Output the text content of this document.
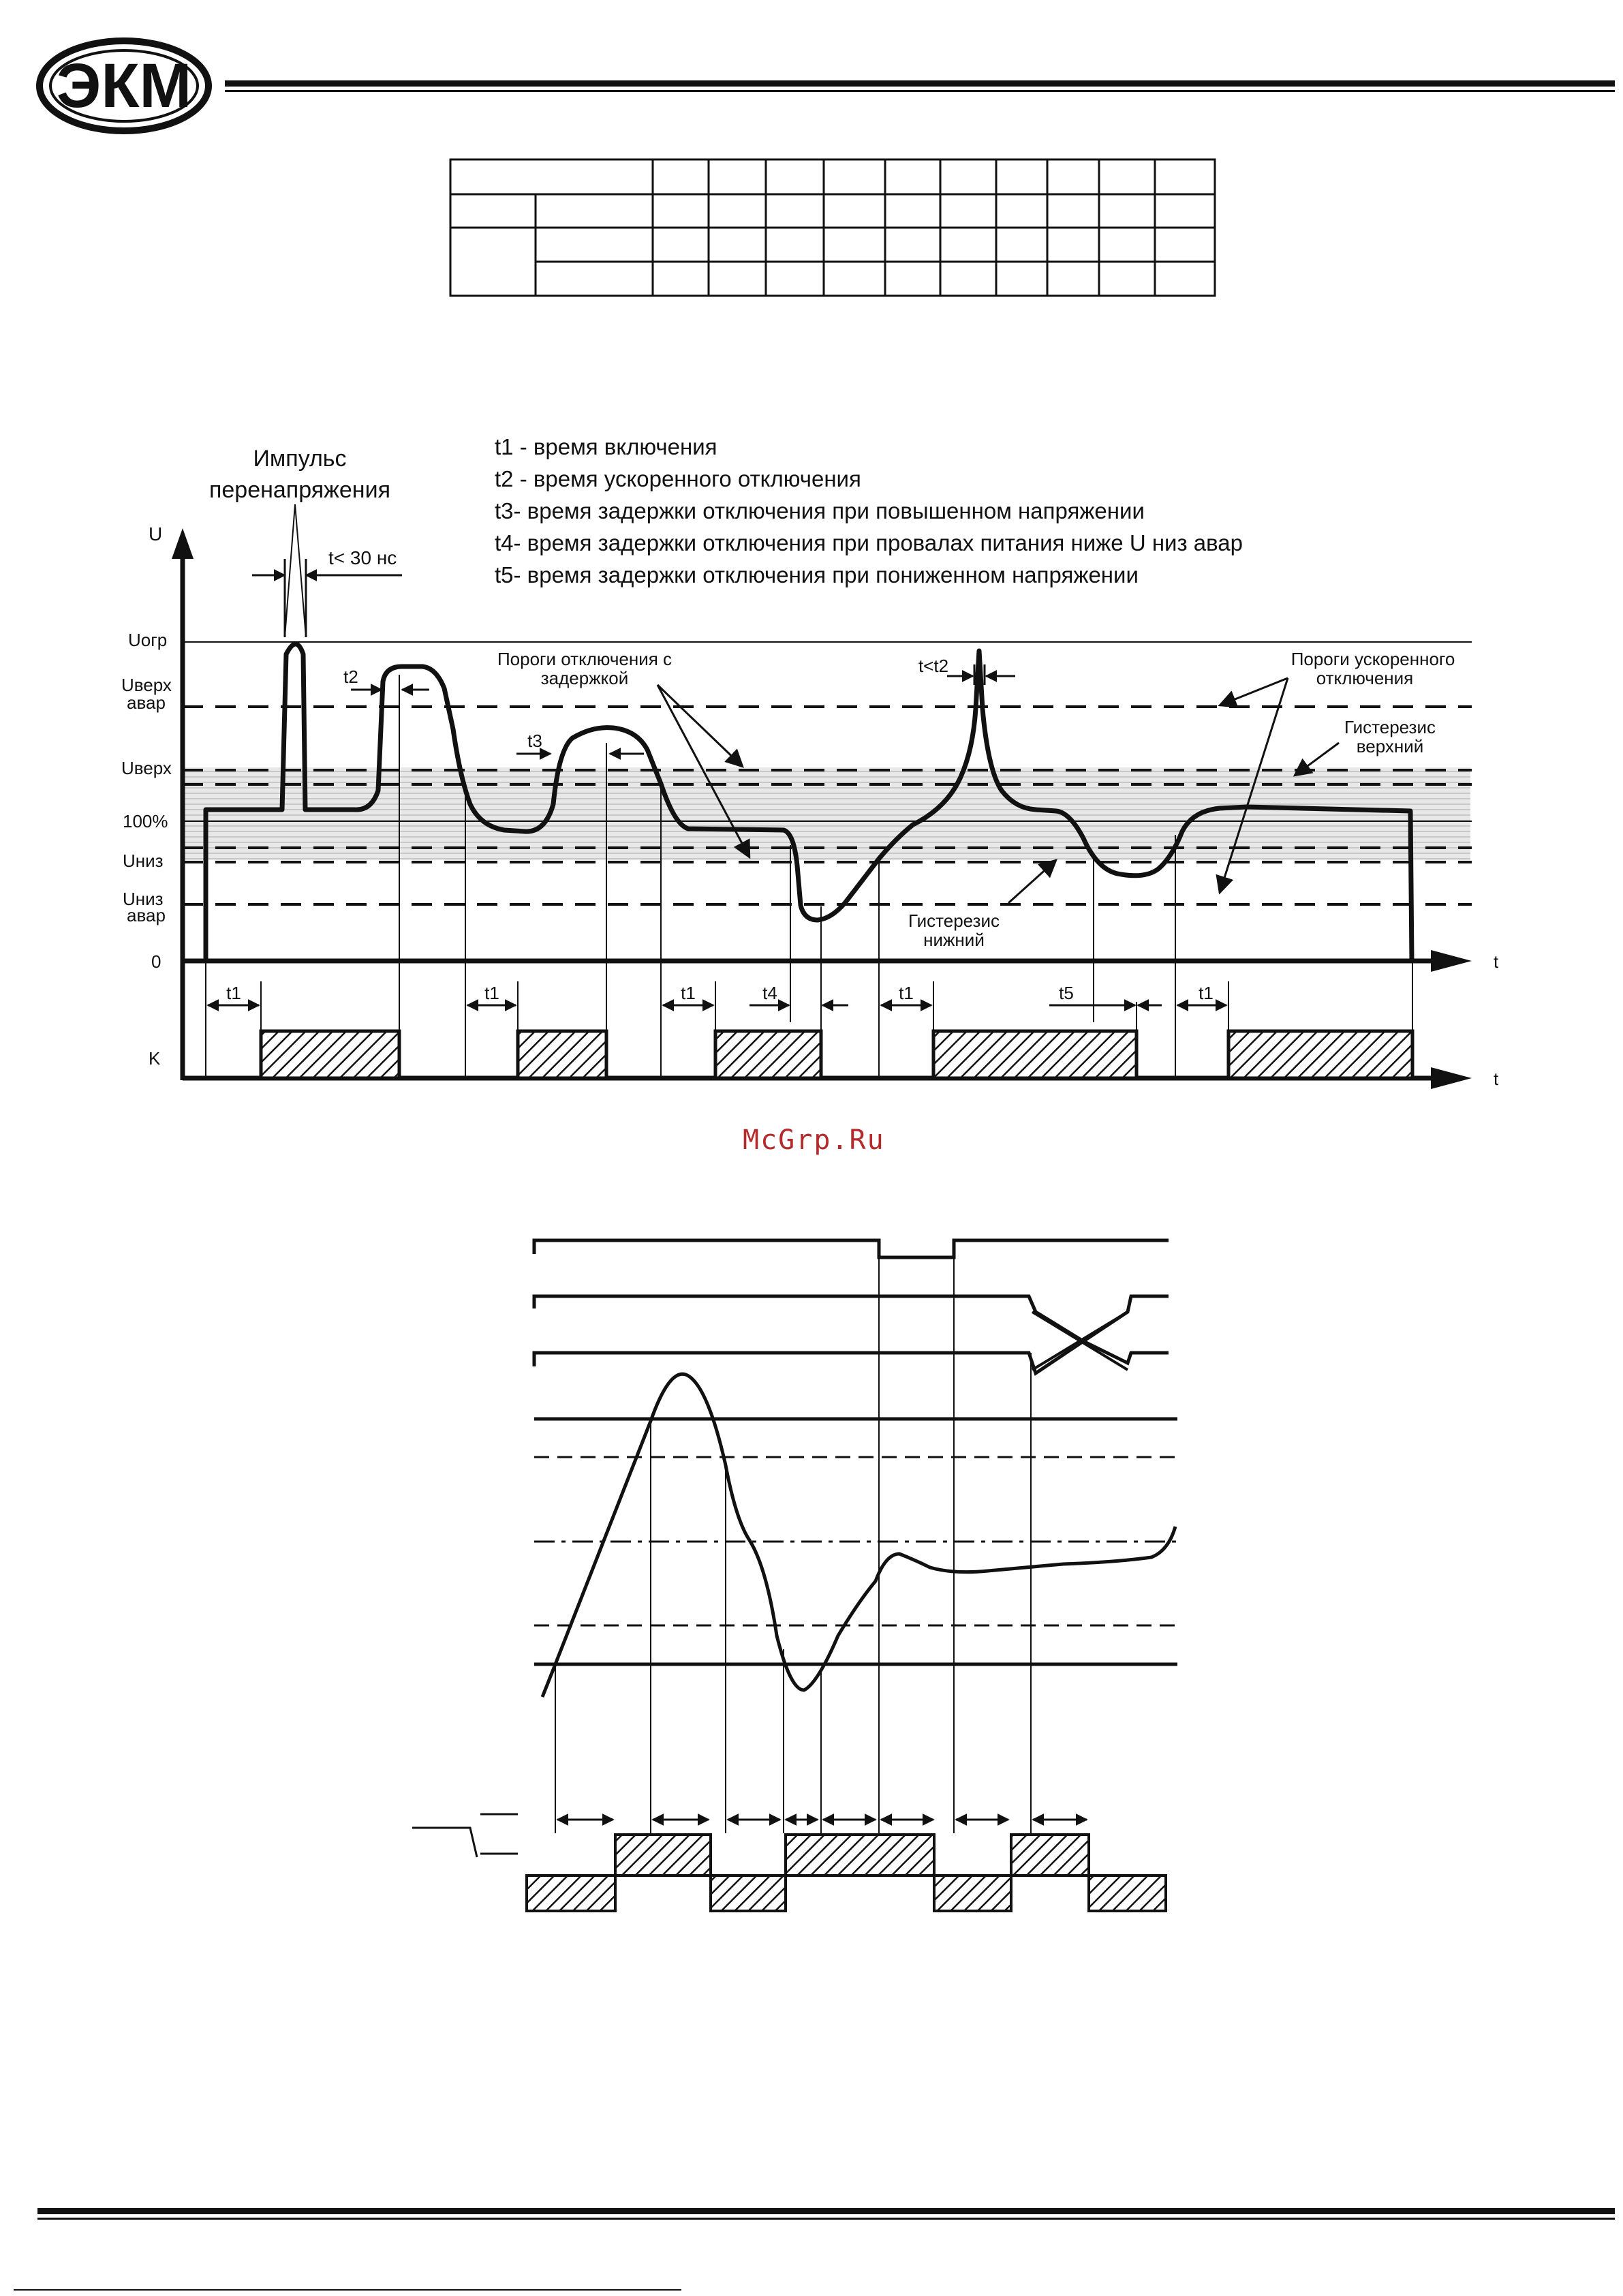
ЭКМ
Импульс
перенапряжения
t< 30 нс
U
t
t
K
Uогр
Uверх
авар
Uверх
100%
Uниз
Uниз
авар
0
Пороги отключения с
задержкой
Пороги ускоренного
отключения
Гистерезис
верхний
Гистерезис
нижний
t<t2
t2
t3
t1	t1	t1	t4	t1	t5	t1
t1 - время включения
t2 - время ускоренного отключения
t3- время задержки отключения при повышенном напряжении
t4- время задержки отключения при провалах питания ниже U низ авар
t5- время задержки отключения при пониженном напряжении
McGrp.Ru
